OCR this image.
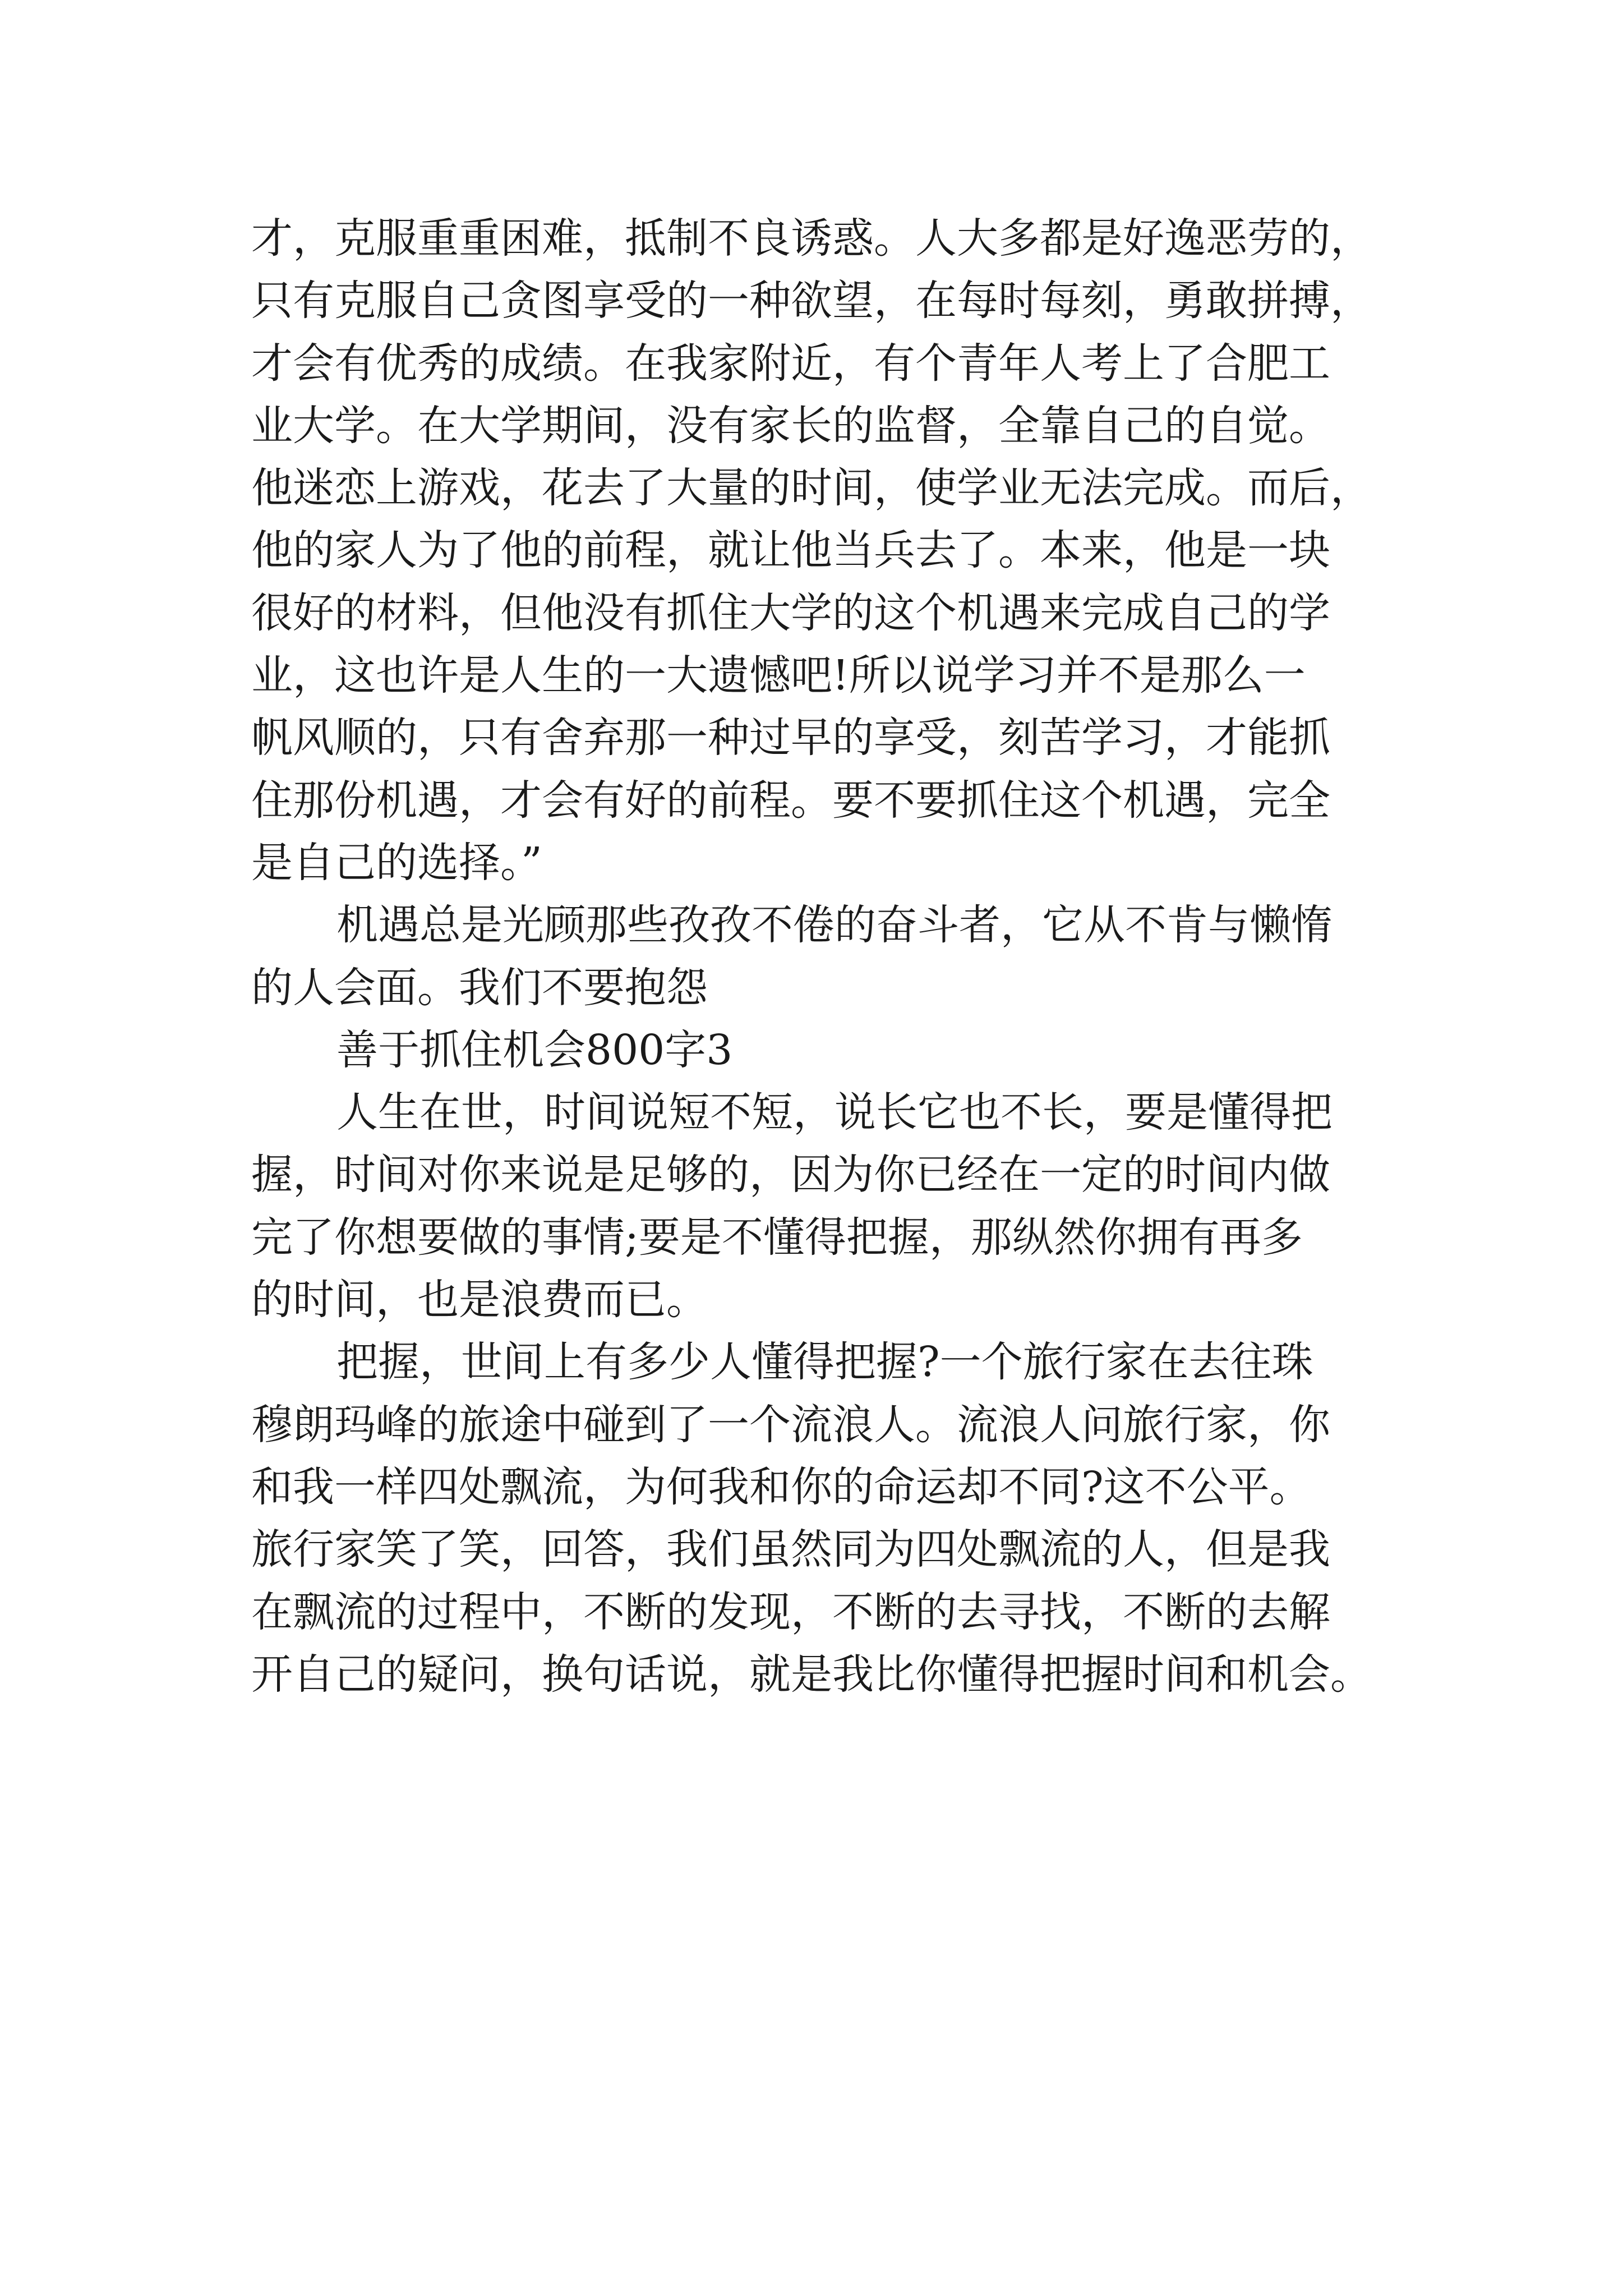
才，克服重重困难，抵制不良诱惑。人大多都是好逸恶劳的，
只有克服自己贪图享受的一种欲望，在每时每刻，勇敢拼搏，
才会有优秀的成绩。在我家附近，有个青年人考上了合肥工
业大学。在大学期间，没有家长的监督，全靠自己的自觉。
他迷恋上游戏，花去了大量的时间，使学业无法完成。而后，
他的家人为了他的前程，就让他当兵去了。本来，他是一块
很好的材料，但他没有抓住大学的这个机遇来完成自己的学
业，这也许是人生的一大遗憾吧!所以说学习并不是那么一
帆风顺的，只有舍弃那一种过早的享受，刻苦学习，才能抓
住那份机遇，才会有好的前程。要不要抓住这个机遇，完全
是自己的选择。”
机遇总是光顾那些孜孜不倦的奋斗者，它从不肯与懒惰
的人会面。我们不要抱怨
善于抓住机会800字3
人生在世，时间说短不短，说长它也不长，要是懂得把
握，时间对你来说是足够的，因为你已经在一定的时间内做
完了你想要做的事情;要是不懂得把握，那纵然你拥有再多
的时间，也是浪费而已。
把握，世间上有多少人懂得把握?一个旅行家在去往珠
穆朗玛峰的旅途中碰到了一个流浪人。流浪人问旅行家，你
和我一样四处飘流，为何我和你的命运却不同?这不公平。
旅行家笑了笑，回答，我们虽然同为四处飘流的人，但是我
在飘流的过程中，不断的发现，不断的去寻找，不断的去解
开自己的疑问，换句话说，就是我比你懂得把握时间和机会。
